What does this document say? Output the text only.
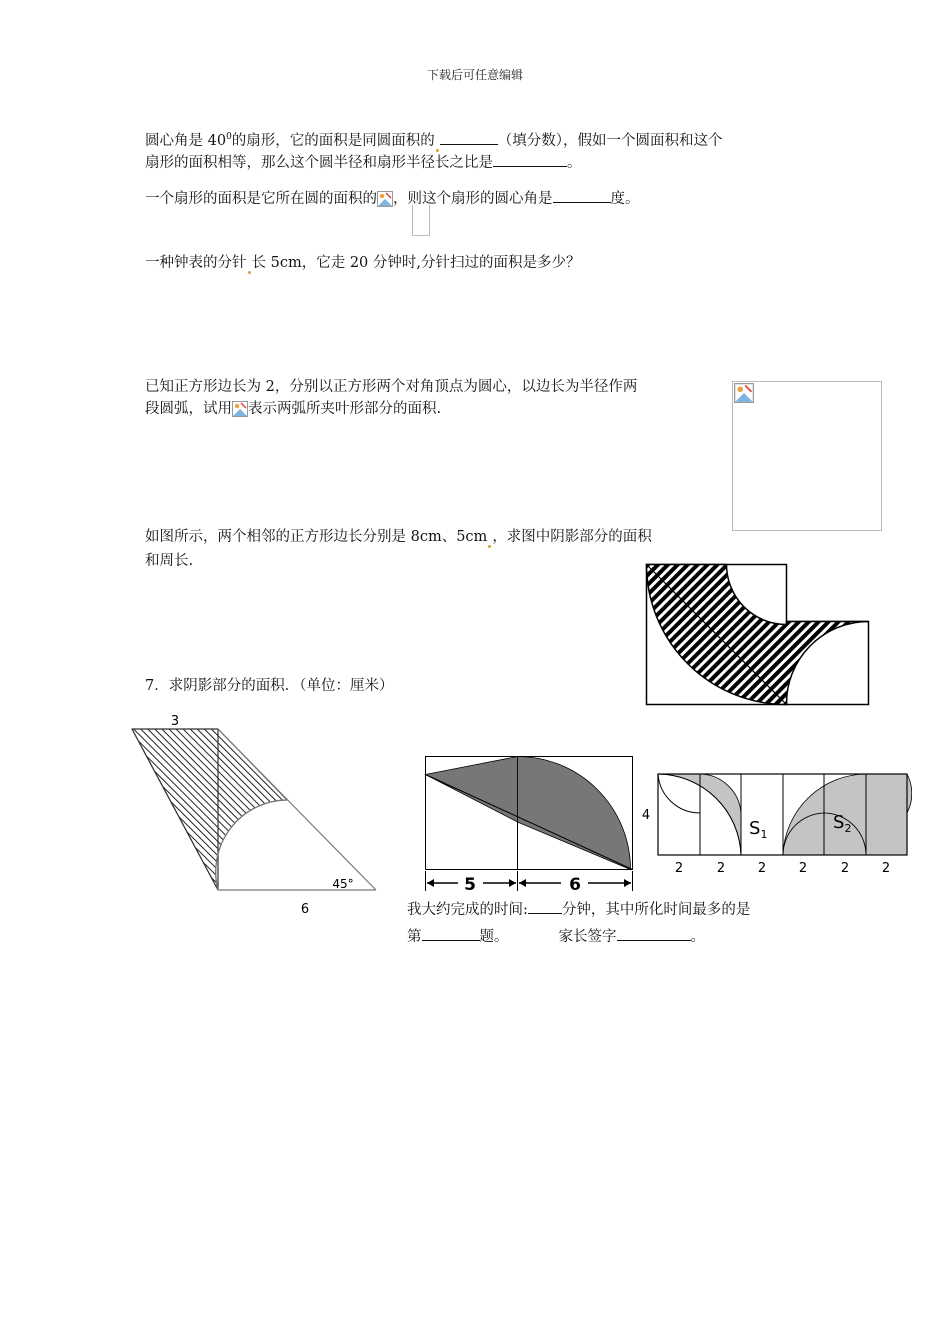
下载后可任意编辑
圆心角是 $40^0$的扇形，它的面积是同圆面积的	（填分数），假如一个圆面积和这个
扇形的面积相等，那么这个圆半径和扇形半径长之比是	。
一个扇形的面积是它所在圆的面积的 ，则这个扇形的圆心角是	度。
一种钟表的分针 长 5cm，它走 20 分钟时,分针扫过的面积是多少？
已知正方形边长为 2，分别以正方形两个对角顶点为圆心，以边长为半径作两
段圆弧，试用 表示两弧所夹叶形部分的面积.
如图所示，两个相邻的正方形边长分别是 8cm、5cm ，求图中阴影部分的面积
和周长.
7．求阴影部分的面积．（单位：厘米）
3
6
45°	5	6
4
$S_1$
$S_2$
2	2	2	2	2	2
我大约完成的时间: 分钟，其中所化时间最多的是
第	题。	家长签字	。
